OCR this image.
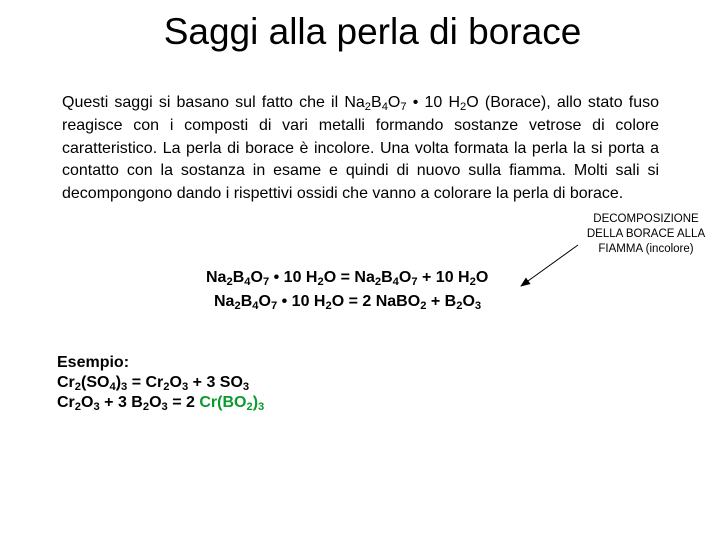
Saggi alla perla di borace
Questi saggi si basano sul fatto che il $Na_2B_4O_7$ • 10 $H_2O$ (Borace), allo stato fuso reagisce con i composti di vari metalli formando sostanze vetrose di colore caratteristico. La perla di borace è incolore. Una volta formata la perla la si porta a contatto con la sostanza in esame e quindi di nuovo sulla fiamma. Molti sali si decompongono dando i rispettivi ossidi che vanno a colorare la perla di borace.
DECOMPOSIZIONE
DELLA BORACE ALLA
FIAMMA (incolore)
$Na_2B_4O_7$ • 10 $H_2O = Na_2B_4O_7 + 10$ $H_2O$
$Na_2B_4O_7$ • 10 $H_2O = 2$ NaBO$_2$ + $B_2O_3$
Esempio:
$Cr_2(SO_4)_3 = Cr_2O_3 + 3$ $SO_3$
$Cr_2O_3 + 3$ $B_2O_3 = 2$ $Cr(BO_2)_3$
